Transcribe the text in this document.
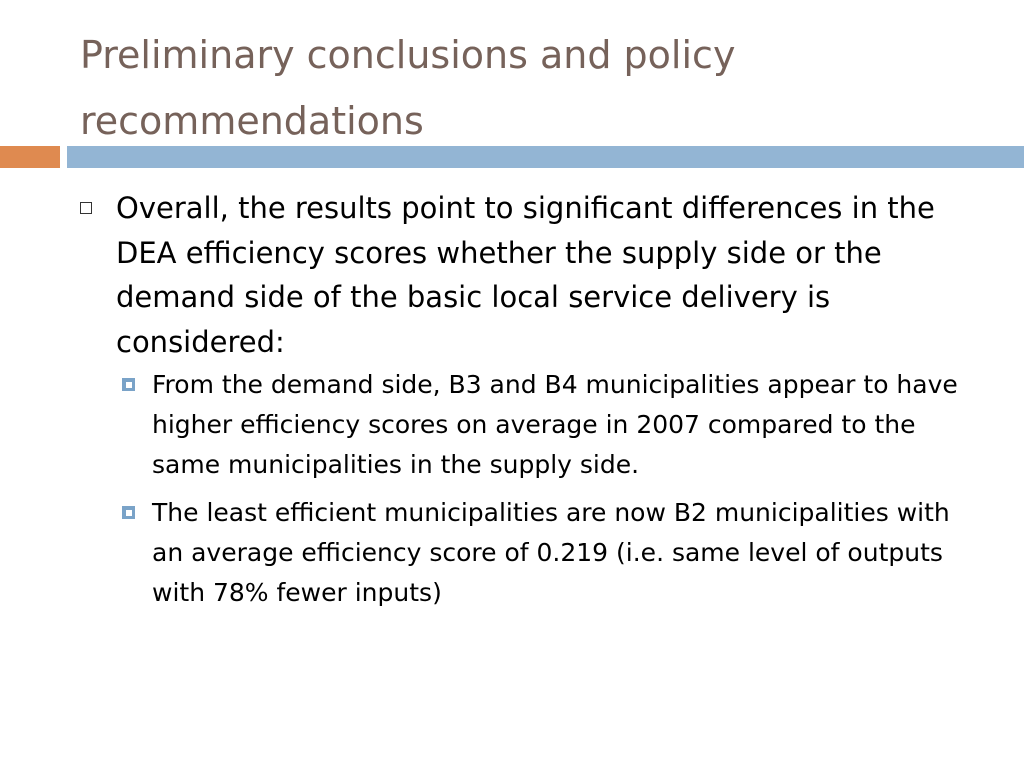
Preliminary conclusions and policy recommendations
Overall, the results point to significant differences in the DEA efficiency scores whether the supply side or the demand side of the basic local service delivery is considered:
From the demand side, B3 and B4 municipalities appear to have higher efficiency scores on average in 2007 compared to the same municipalities in the supply side.
The least efficient municipalities are now B2 municipalities with an average efficiency score of 0.219 (i.e. same level of outputs with 78% fewer inputs)
